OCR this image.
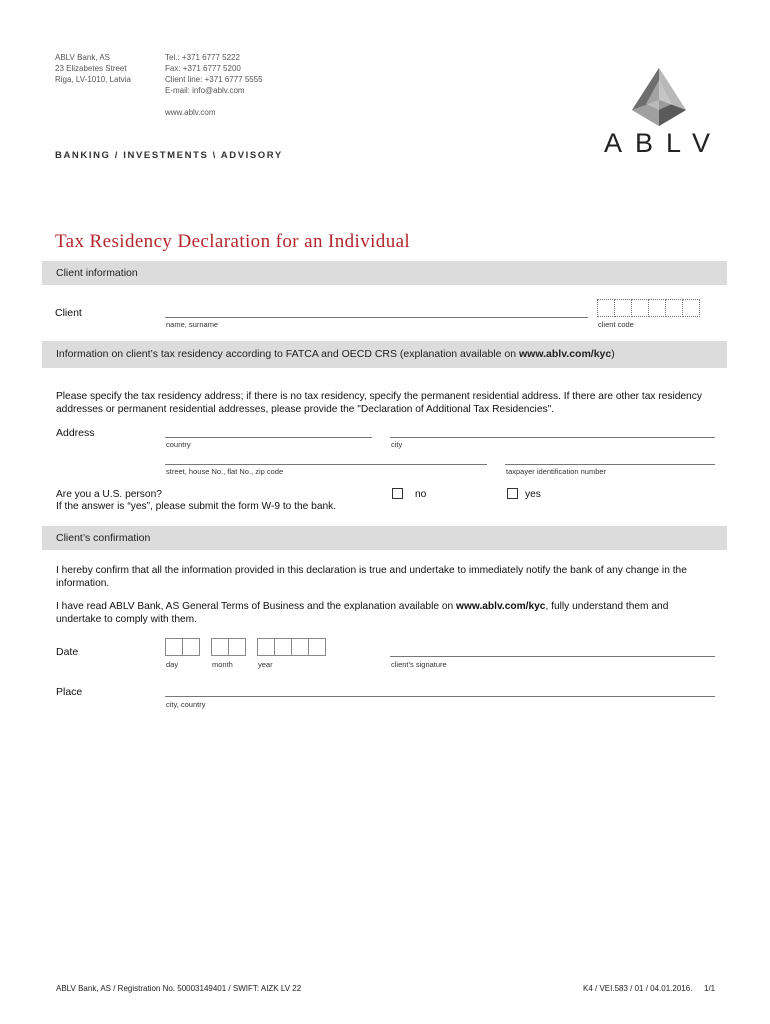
ABLV Bank, AS
23 Elizabetes Street
Riga, LV-1010, Latvia
Tel.: +371 6777 5222
Fax: +371 6777 5200
Client line: +371 6777 5555
E-mail: info@ablv.com
www.ablv.com
ABLV
BANKING / INVESTMENTS \ ADVISORY
Tax Residency Declaration for an Individual
Client information
Client
name, surname	client code
Information on client’s tax residency according to FATCA and OECD CRS (explanation available on www.ablv.com/kyc)
Please specify the tax residency address; if there is no tax residency, specify the permanent residential address. If there are other tax residency addresses or permanent residential addresses, please provide the "Declaration of Additional Tax Residencies".
Address
country	city
street, house No., flat No., zip code	taxpayer identification number
Are you a U.S. person?
If the answer is “yes”, please submit the form W-9 to the bank.
no	yes
Client’s confirmation
I hereby confirm that all the information provided in this declaration is true and undertake to immediately notify the bank of any change in the information.
I have read ABLV Bank, AS General Terms of Business and the explanation available on www.ablv.com/kyc, fully understand them and undertake to comply with them.
Date
day	month	year	client’s signature
Place
city, country
ABLV Bank, AS / Registration No. 50003149401 / SWIFT: AIZK LV 22	K4 / VEI.583 / 01 / 04.01.2016. 1/1
